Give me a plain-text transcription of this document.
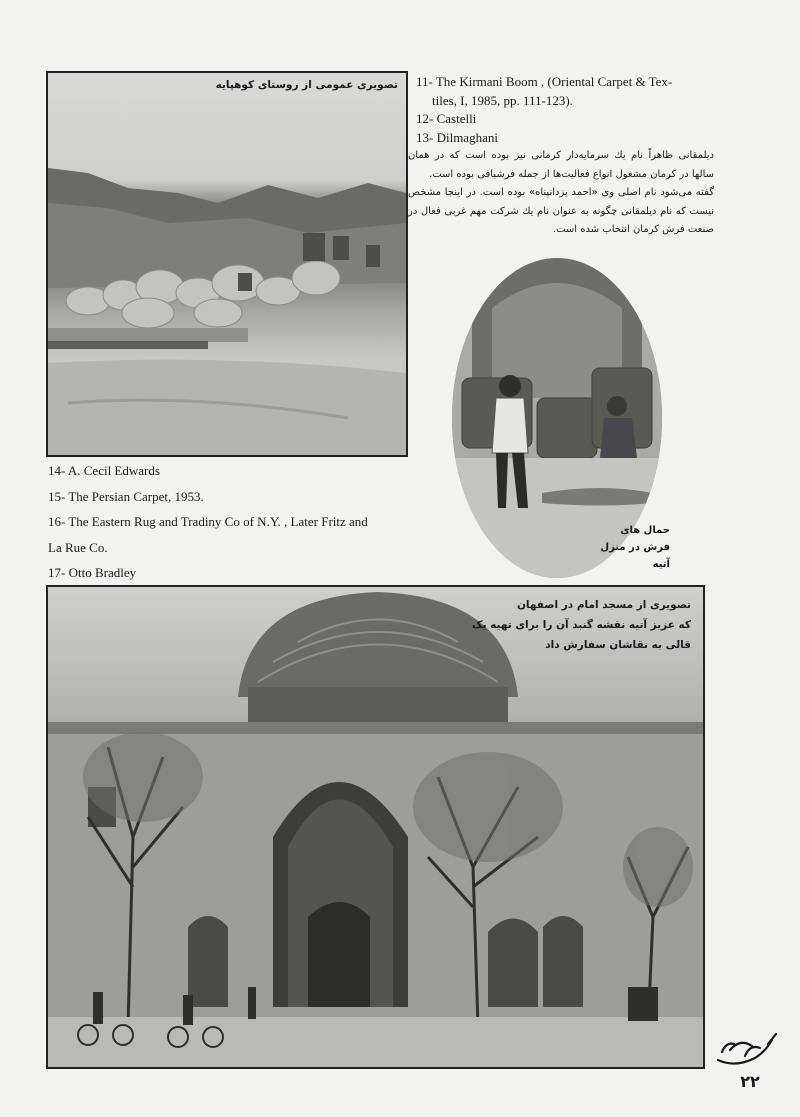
تصویری عمومی از روستای کوهپایه 11- The Kirmani Boom , (Oriental Carpet & Tex-
tiles, I, 1985, pp. 111-123).
12- Castelli
13- Dilmaghani

دیلمقانی ظاهراً نام یك سرمایه‌دار كرمانی نیز بوده است كه در همان سالها در كرمان مشغول انواع فعالیت‌ها از جمله فرشبافی بوده است.

گفته می‌شود نام اصلی وی «احمد یزدانپناه» بوده است. در اینجا مشخص نیست كه نام دیلمقانی چگونه به عنوان نام یك شركت مهم غربی فعال در صنعت فرش كرمان انتخاب شده است.

حمال های
فرش در منزل
آتیه
14- A. Cecil Edwards
15- The Persian Carpet, 1953.
16- The Eastern Rug and Tradiny Co of N.Y. , Later Fritz and
La Rue Co.
17- Otto Bradley
تصویری از مسجد امام در اصفهان
که عزیز آتیه نقشه گنبد آن را برای تهیه یک
قالی به نقاشان سفارش داد
۲۲
